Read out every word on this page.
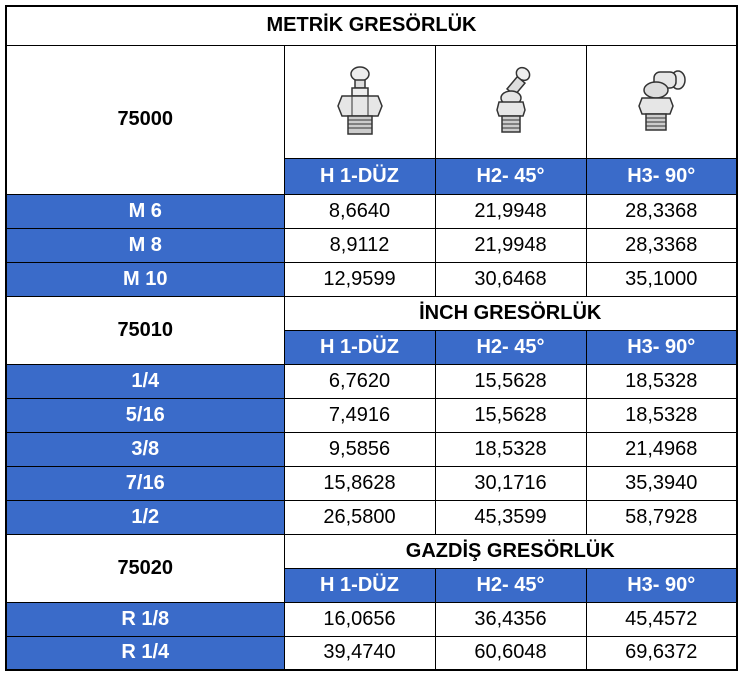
METRİK GRESÖRLÜK			
75000	

	H 1-DÜZ	H2- 45°	H3- 90°
M 6	8,6640	21,9948	28,3368
M 8	8,9112	21,9948	28,3368
M 10	12,9599	30,6468	35,1000
75010	İNCH GRESÖRLÜK		
	H 1-DÜZ	H2- 45°	H3- 90°
1/4	6,7620	15,5628	18,5328
5/16	7,4916	15,5628	18,5328
3/8	9,5856	18,5328	21,4968
7/16	15,8628	30,1716	35,3940
1/2	26,5800	45,3599	58,7928
75020	GAZDİŞ GRESÖRLÜK		
	H 1-DÜZ	H2- 45°	H3- 90°
R 1/8	16,0656	36,4356	45,4572
R 1/4	39,4740	60,6048	69,6372
